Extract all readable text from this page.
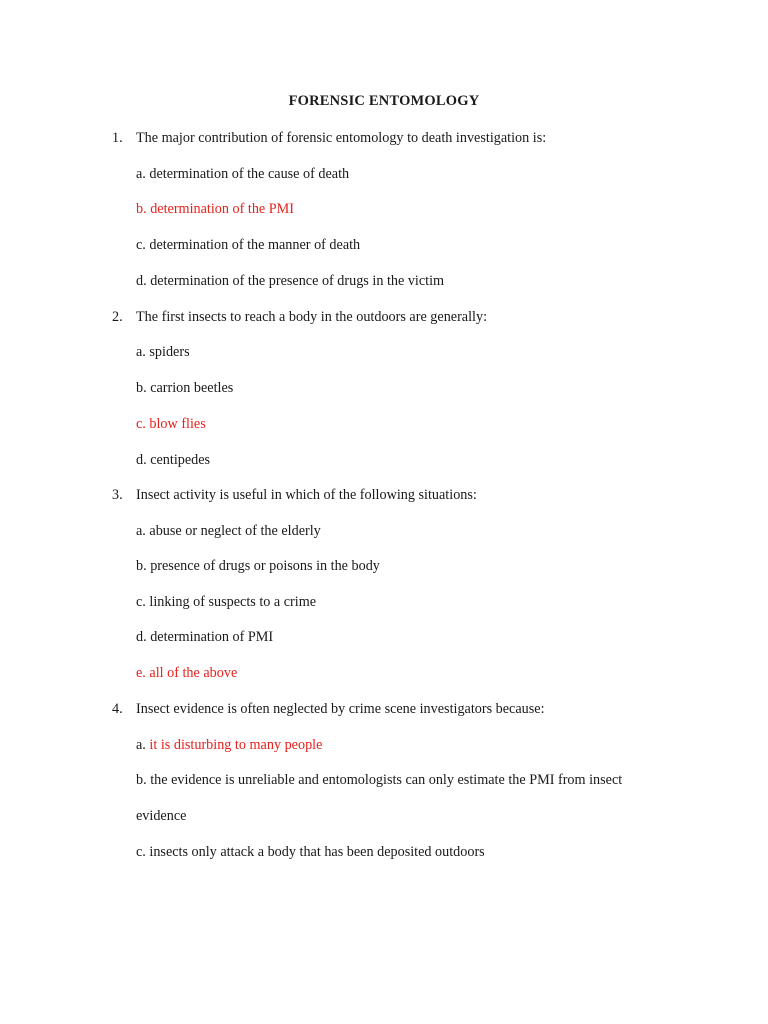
FORENSIC ENTOMOLOGY
1. The major contribution of forensic entomology to death investigation is:
a. determination of the cause of death
b. determination of the PMI
c. determination of the manner of death
d. determination of the presence of drugs in the victim
2. The first insects to reach a body in the outdoors are generally:
a. spiders
b. carrion beetles
c. blow flies
d. centipedes
3. Insect activity is useful in which of the following situations:
a. abuse or neglect of the elderly
b. presence of drugs or poisons in the body
c. linking of suspects to a crime
d. determination of PMI
e. all of the above
4. Insect evidence is often neglected by crime scene investigators because:
a. it is disturbing to many people
b. the evidence is unreliable and entomologists can only estimate the PMI from insect
evidence
c. insects only attack a body that has been deposited outdoors
